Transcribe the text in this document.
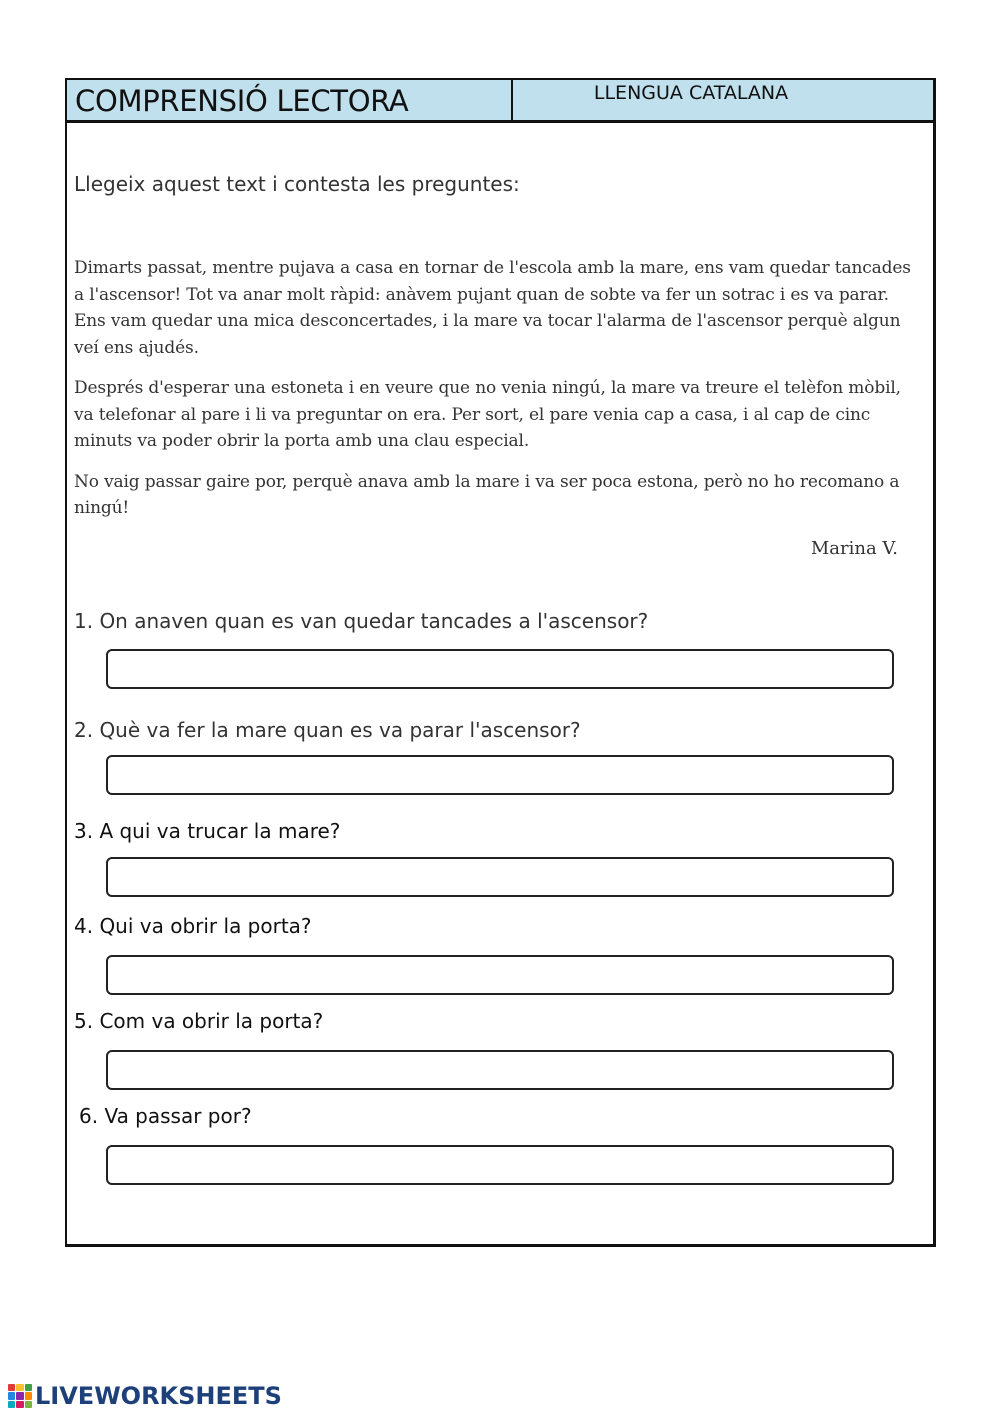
COMPRENSIÓ LECTORA	LLENGUA CATALANA
Llegeix aquest text i contesta les preguntes:

Dimarts passat, mentre pujava a casa en tornar de l'escola amb la mare, ens vam quedar tancades a l'ascensor! Tot va anar molt ràpid: anàvem pujant quan de sobte va fer un sotrac i es va parar. Ens vam quedar una mica desconcertades, i la mare va tocar l'alarma de l'ascensor perquè algun veí ens ajudés.

Després d'esperar una estoneta i en veure que no venia ningú, la mare va treure el telèfon mòbil, va telefonar al pare i li va preguntar on era. Per sort, el pare venia cap a casa, i al cap de cinc minuts va poder obrir la porta amb una clau especial.

No vaig passar gaire por, perquè anava amb la mare i va ser poca estona, però no ho recomano a ningú!

Marina V.
1. On anaven quan es van quedar tancades a l'ascensor?
2. Què va fer la mare quan es va parar l'ascensor?
3. A qui va trucar la mare?
4. Qui va obrir la porta?
5. Com va obrir la porta?
6. Va passar por?
LIVEWORKSHEETS
